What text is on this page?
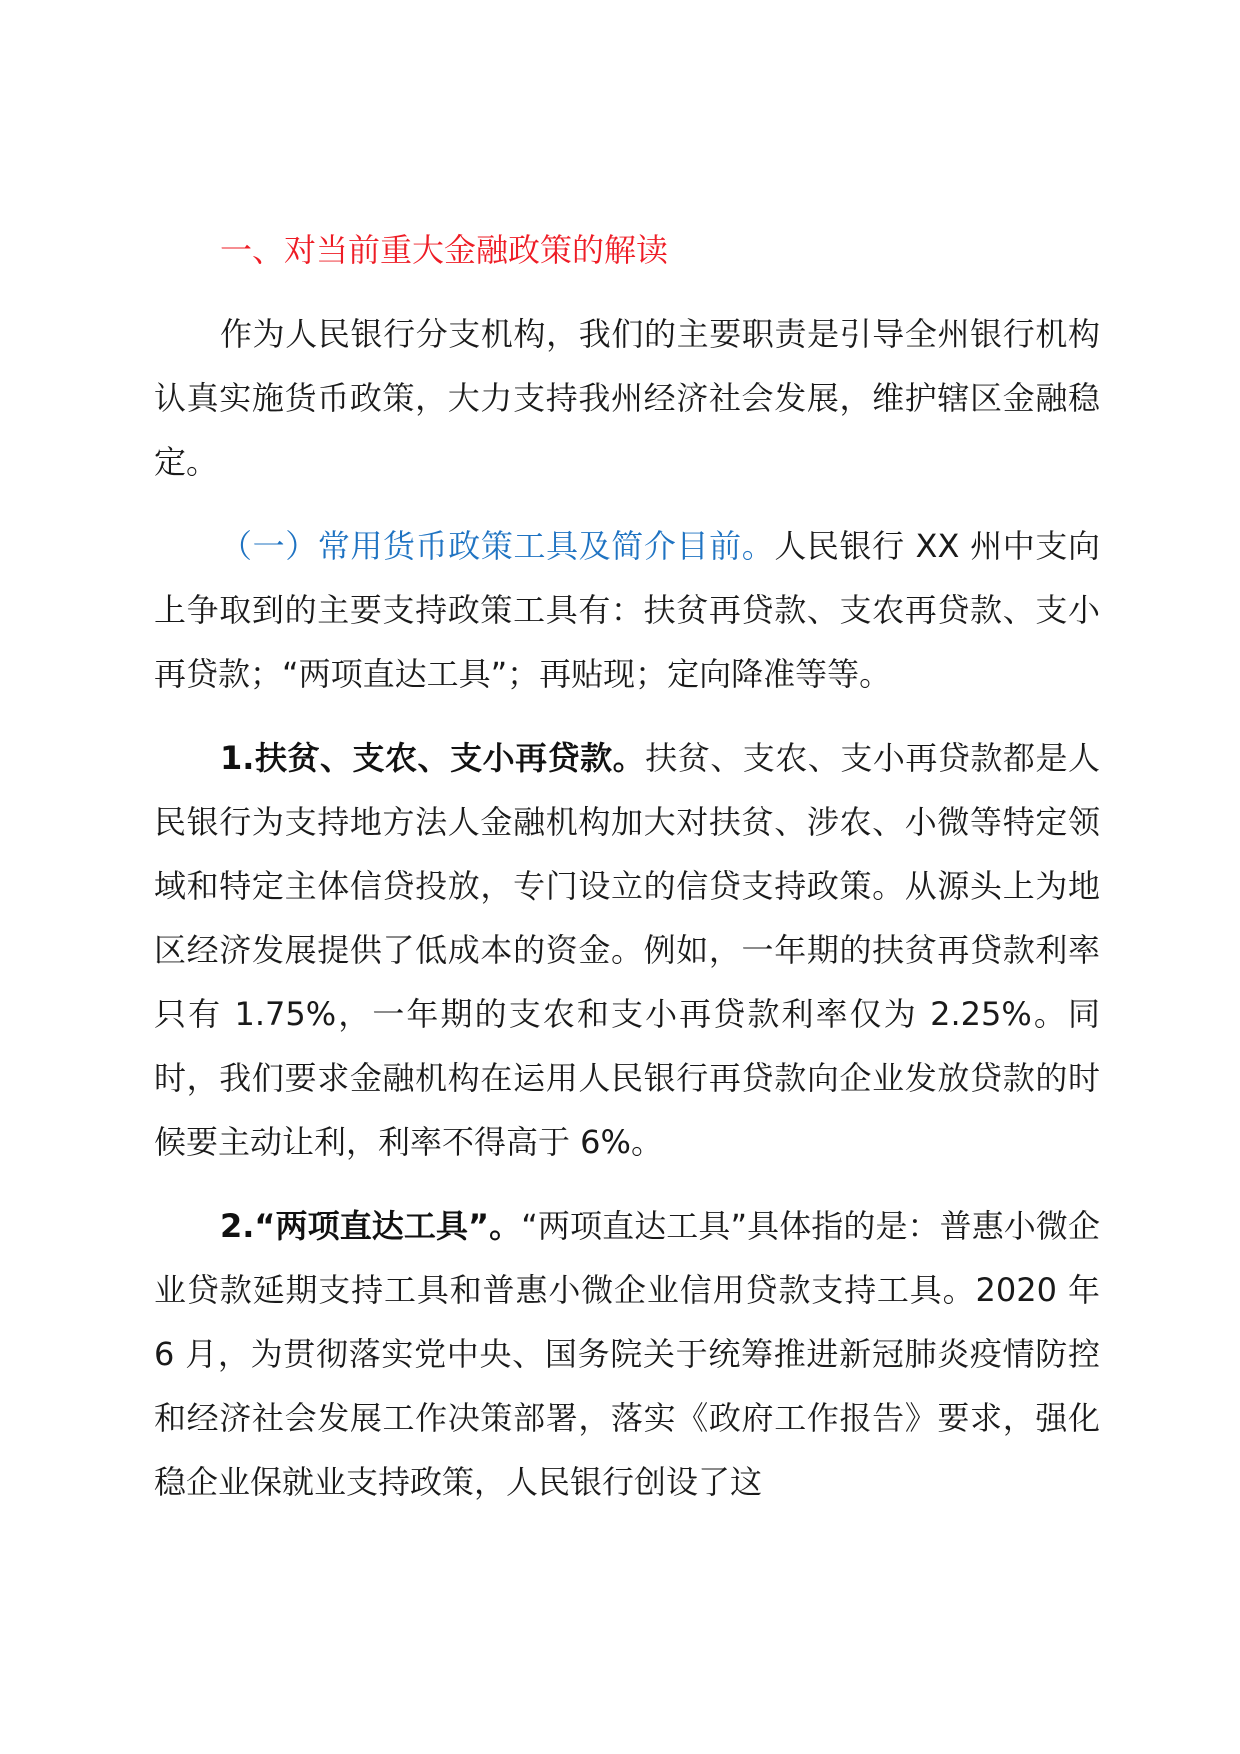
一、对当前重大金融政策的解读

作为人民银行分支机构，我们的主要职责是引导全州银行机构认真实施货币政策，大力支持我州经济社会发展，维护辖区金融稳定。

（一）常用货币政策工具及简介目前。人民银行 XX 州中支向上争取到的主要支持政策工具有：扶贫再贷款、支农再贷款、支小再贷款；“两项直达工具”；再贴现；定向降准等等。

1.扶贫、支农、支小再贷款。扶贫、支农、支小再贷款都是人民银行为支持地方法人金融机构加大对扶贫、涉农、小微等特定领域和特定主体信贷投放，专门设立的信贷支持政策。从源头上为地区经济发展提供了低成本的资金。例如，一年期的扶贫再贷款利率只有 1.75%，一年期的支农和支小再贷款利率仅为 2.25%。同时，我们要求金融机构在运用人民银行再贷款向企业发放贷款的时候要主动让利，利率不得高于 6%。

2.“两项直达工具”。“两项直达工具”具体指的是：普惠小微企业贷款延期支持工具和普惠小微企业信用贷款支持工具。2020 年 6 月，为贯彻落实党中央、国务院关于统筹推进新冠肺炎疫情防控和经济社会发展工作决策部署，落实《政府工作报告》要求，强化稳企业保就业支持政策，人民银行创设了这
